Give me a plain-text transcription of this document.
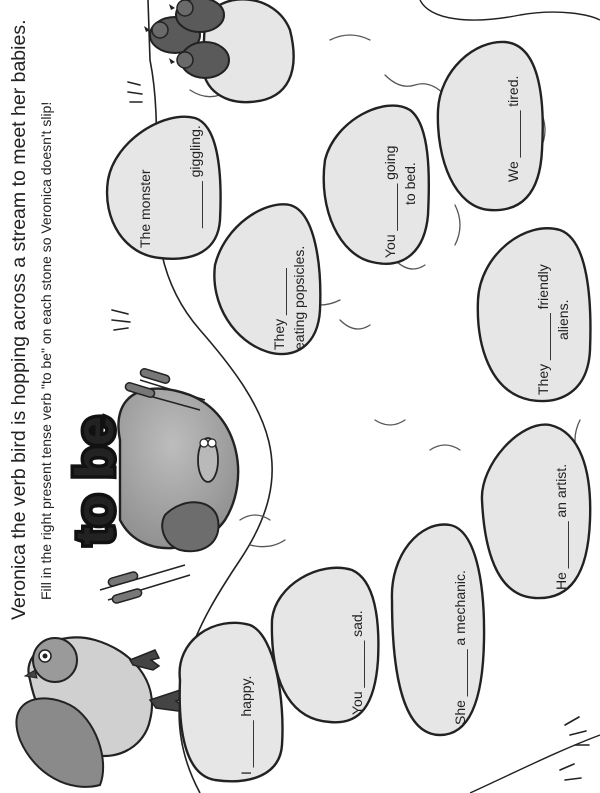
to be
Veronica the verb bird is hopping across a stream to meet her babies. Fill in the right present tense verb "to be" on each stone so Veronica doesn't slip!
I ______ happy.
You ______ sad.	She ______ a mechanic.
He ______ an artist.
They ______ friendly aliens.
They ______ eating popsicles.
You ______ going to bed.
We ______ tired.
The monster ______ giggling.
